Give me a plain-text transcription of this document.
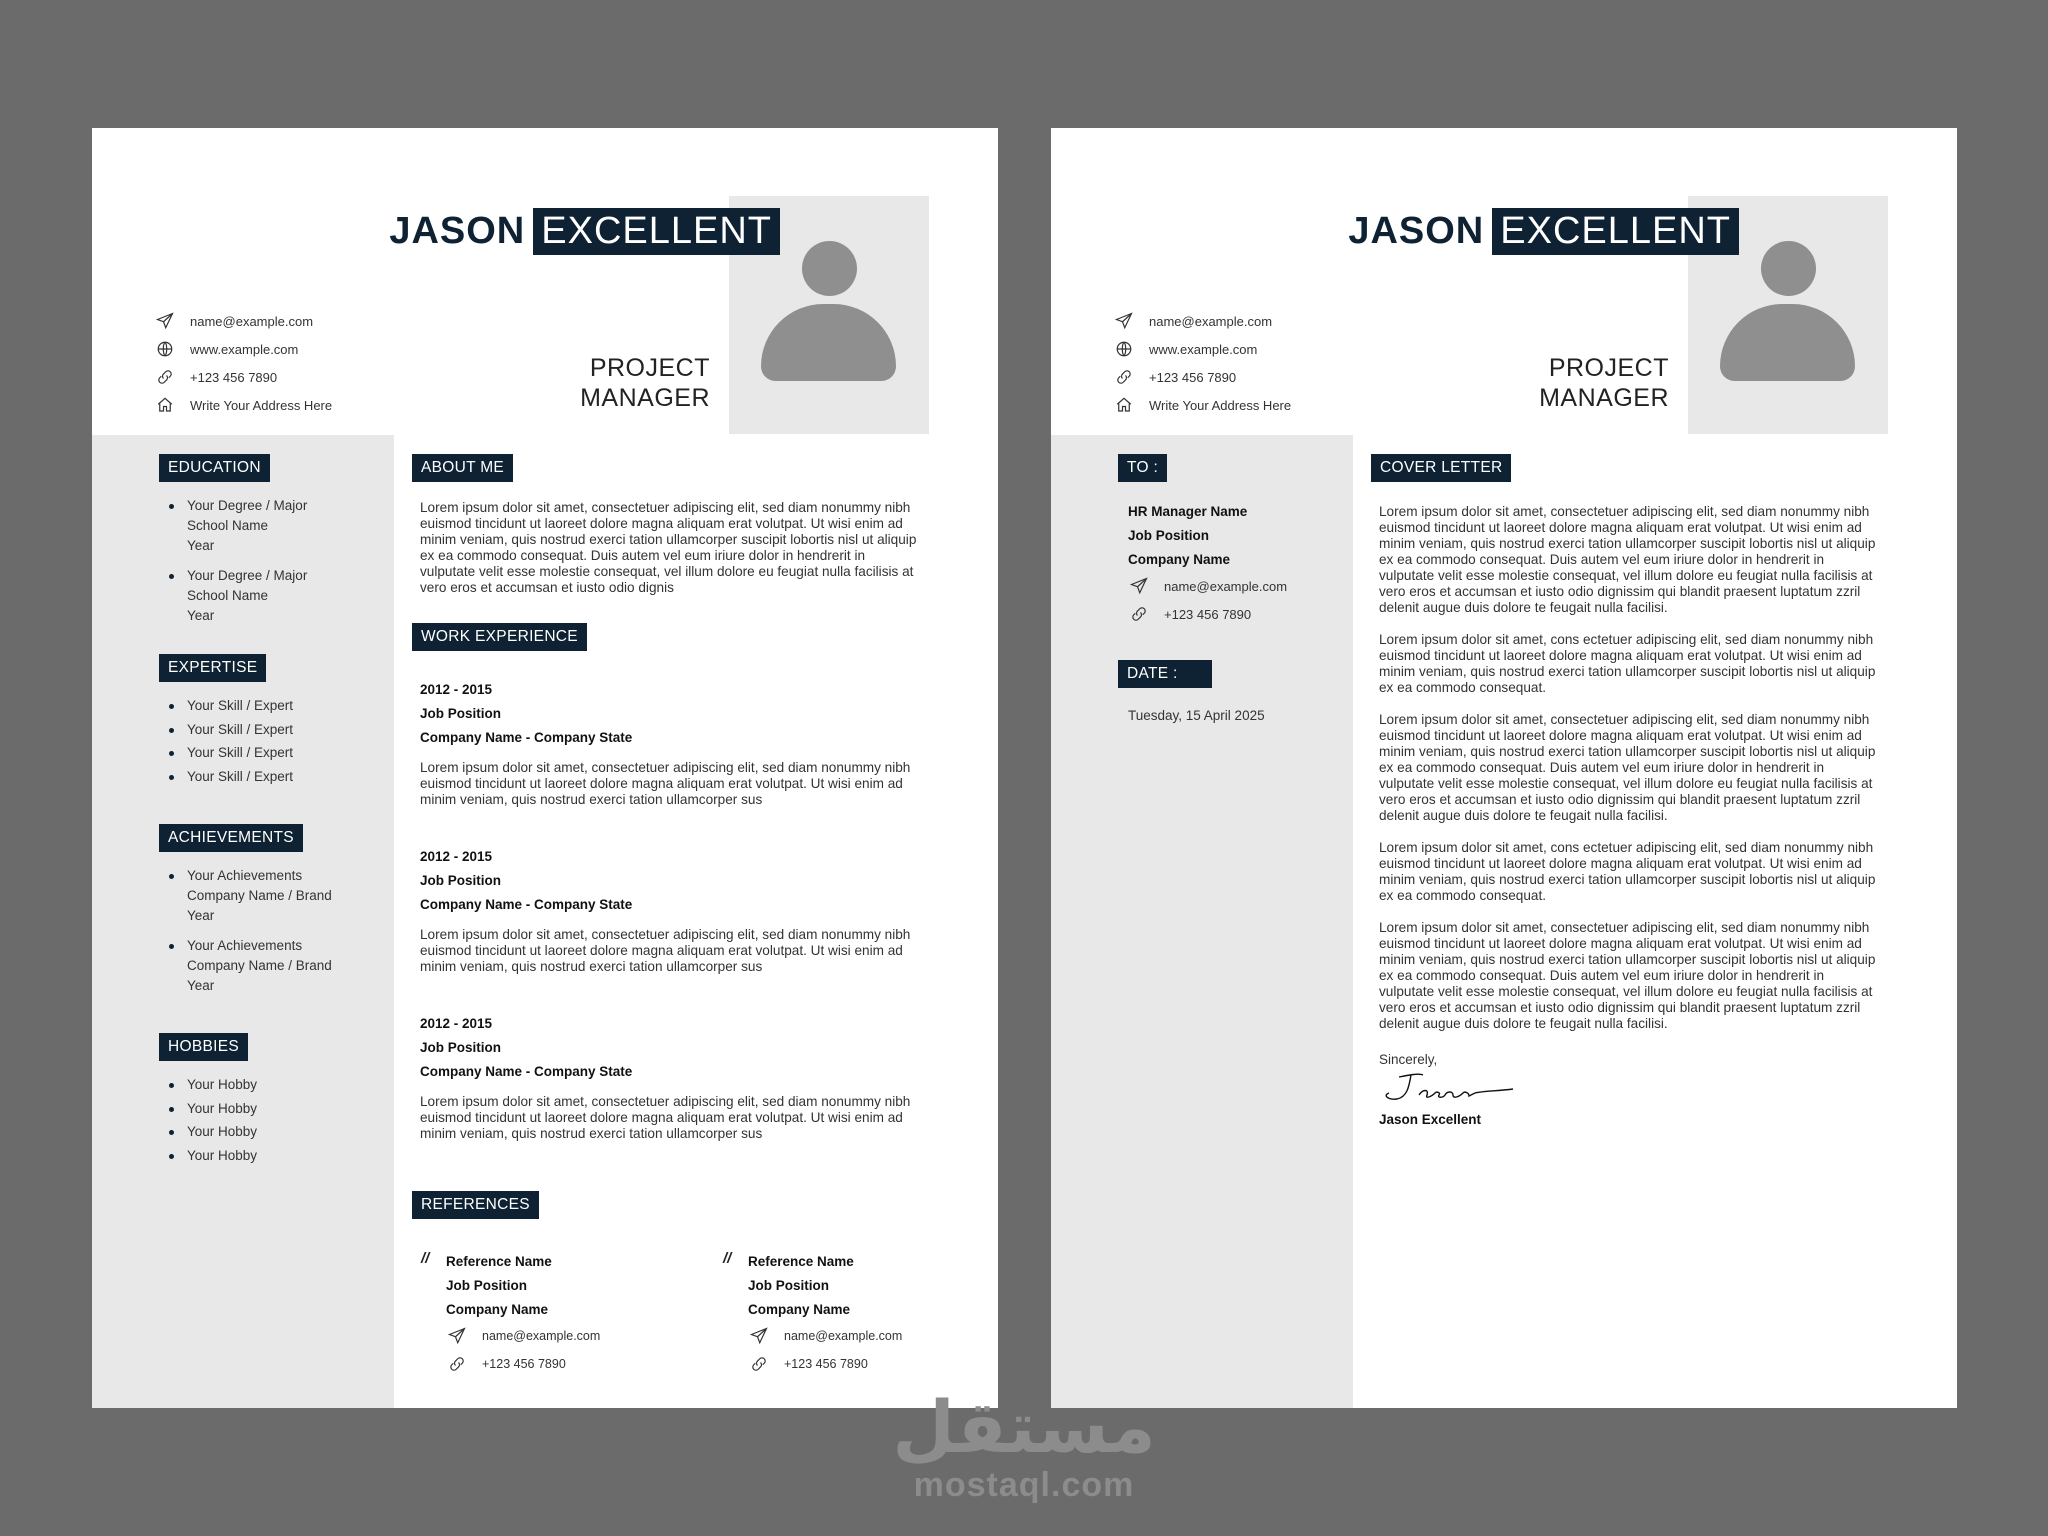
JASON EXCELLENT
PROJECT
MANAGER
name@example.com
www.example.com
+123 456 7890
Write Your Address Here
EDUCATION
Your Degree / Major
School Name
Year
Your Degree / Major
School Name
Year
EXPERTISE
Your Skill / Expert
Your Skill / Expert
Your Skill / Expert
Your Skill / Expert
ACHIEVEMENTS
Your Achievements
Company Name / Brand
Year
Your Achievements
Company Name / Brand
Year
HOBBIES
Your Hobby
Your Hobby
Your Hobby
Your Hobby
ABOUT ME

Lorem ipsum dolor sit amet, consectetuer adipiscing elit, sed diam nonummy nibh euismod tincidunt ut laoreet dolore magna aliquam erat volutpat. Ut wisi enim ad minim veniam, quis nostrud exerci tation ullamcorper suscipit lobortis nisl ut aliquip ex ea commodo consequat. Duis autem vel eum iriure dolor in hendrerit in vulputate velit esse molestie consequat, vel illum dolore eu feugiat nulla facilisis at vero eros et accumsan et iusto odio dignis

WORK EXPERIENCE
2012 - 2015
Job Position
Company Name - Company State

Lorem ipsum dolor sit amet, consectetuer adipiscing elit, sed diam nonummy nibh euismod tincidunt ut laoreet dolore magna aliquam erat volutpat. Ut wisi enim ad minim veniam, quis nostrud exerci tation ullamcorper sus

2012 - 2015
Job Position
Company Name - Company State

Lorem ipsum dolor sit amet, consectetuer adipiscing elit, sed diam nonummy nibh euismod tincidunt ut laoreet dolore magna aliquam erat volutpat. Ut wisi enim ad minim veniam, quis nostrud exerci tation ullamcorper sus

2012 - 2015
Job Position
Company Name - Company State

Lorem ipsum dolor sit amet, consectetuer adipiscing elit, sed diam nonummy nibh euismod tincidunt ut laoreet dolore magna aliquam erat volutpat. Ut wisi enim ad minim veniam, quis nostrud exerci tation ullamcorper sus

REFERENCES
// Reference Name
Job Position
Company Name
name@example.com
+123 456 7890
// Reference Name
Job Position
Company Name
name@example.com
+123 456 7890
JASON EXCELLENT
PROJECT
MANAGER
name@example.com
www.example.com
+123 456 7890
Write Your Address Here
TO :
HR Manager Name
Job Position
Company Name
name@example.com
+123 456 7890
DATE :
Tuesday, 15 April 2025
COVER LETTER

Lorem ipsum dolor sit amet, consectetuer adipiscing elit, sed diam nonummy nibh euismod tincidunt ut laoreet dolore magna aliquam erat volutpat. Ut wisi enim ad minim veniam, quis nostrud exerci tation ullamcorper suscipit lobortis nisl ut aliquip ex ea commodo consequat. Duis autem vel eum iriure dolor in hendrerit in vulputate velit esse molestie consequat, vel illum dolore eu feugiat nulla facilisis at vero eros et accumsan et iusto odio dignissim qui blandit praesent luptatum zzril delenit augue duis dolore te feugait nulla facilisi.

Lorem ipsum dolor sit amet, cons ectetuer adipiscing elit, sed diam nonummy nibh euismod tincidunt ut laoreet dolore magna aliquam erat volutpat. Ut wisi enim ad minim veniam, quis nostrud exerci tation ullamcorper suscipit lobortis nisl ut aliquip ex ea commodo consequat.

Lorem ipsum dolor sit amet, consectetuer adipiscing elit, sed diam nonummy nibh euismod tincidunt ut laoreet dolore magna aliquam erat volutpat. Ut wisi enim ad minim veniam, quis nostrud exerci tation ullamcorper suscipit lobortis nisl ut aliquip ex ea commodo consequat. Duis autem vel eum iriure dolor in hendrerit in vulputate velit esse molestie consequat, vel illum dolore eu feugiat nulla facilisis at vero eros et accumsan et iusto odio dignissim qui blandit praesent luptatum zzril delenit augue duis dolore te feugait nulla facilisi.

Lorem ipsum dolor sit amet, cons ectetuer adipiscing elit, sed diam nonummy nibh euismod tincidunt ut laoreet dolore magna aliquam erat volutpat. Ut wisi enim ad minim veniam, quis nostrud exerci tation ullamcorper suscipit lobortis nisl ut aliquip ex ea commodo consequat.

Lorem ipsum dolor sit amet, consectetuer adipiscing elit, sed diam nonummy nibh euismod tincidunt ut laoreet dolore magna aliquam erat volutpat. Ut wisi enim ad minim veniam, quis nostrud exerci tation ullamcorper suscipit lobortis nisl ut aliquip ex ea commodo consequat. Duis autem vel eum iriure dolor in hendrerit in vulputate velit esse molestie consequat, vel illum dolore eu feugiat nulla facilisis at vero eros et accumsan et iusto odio dignissim qui blandit praesent luptatum zzril delenit augue duis dolore te feugait nulla facilisi.

Sincerely,
Jason Excellent
مستقل
mostaql.com
